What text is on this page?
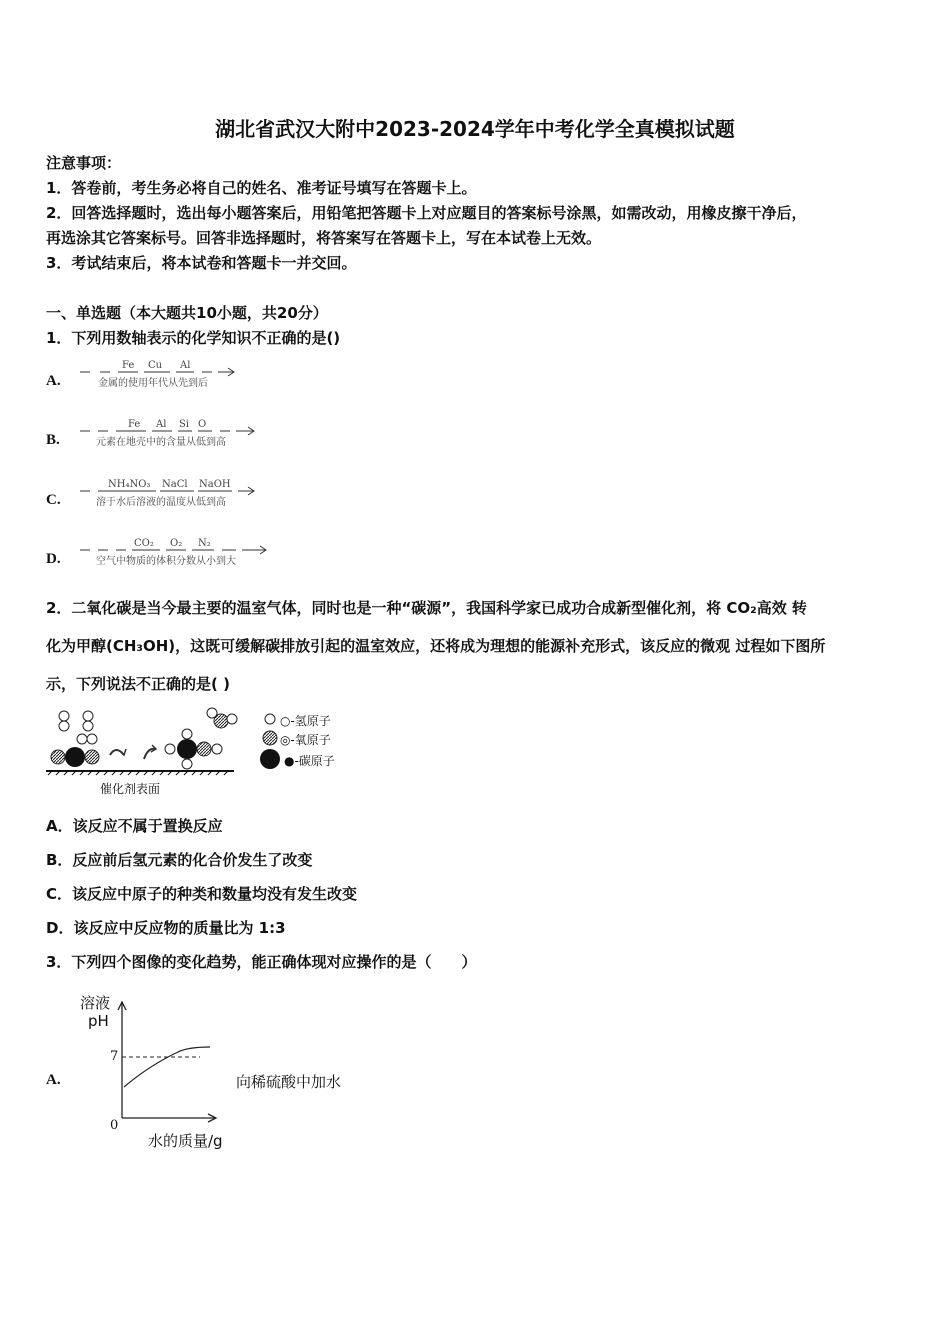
湖北省武汉大附中2023-2024学年中考化学全真模拟试题
注意事项：
1．答卷前，考生务必将自己的姓名、准考证号填写在答题卡上。
2．回答选择题时，选出每小题答案后，用铅笔把答题卡上对应题目的答案标号涂黑，如需改动，用橡皮擦干净后，
再选涂其它答案标号。回答非选择题时，将答案写在答题卡上，写在本试卷上无效。
3．考试结束后，将本试卷和答题卡一并交回。
一、单选题（本大题共10小题，共20分）
1．下列用数轴表示的化学知识不正确的是()
A.
Fe Cu Al
金属的使用年代从先到后
B.
Fe Al Si O
元素在地壳中的含量从低到高
C.
NH₄NO₃ NaCl NaOH
溶于水后溶液的温度从低到高
D.
CO₂ O₂ N₂
空气中物质的体积分数从小到大
2．二氧化碳是当今最主要的温室气体，同时也是一种“碳源”，我国科学家已成功合成新型催化剂，将 CO₂高效 转
化为甲醇(CH₃OH)，这既可缓解碳排放引起的温室效应，还将成为理想的能源补充形式，该反应的微观 过程如下图所
示，下列说法不正确的是( )
○-氢原子
◎-氧原子
●-碳原子
催化剂表面
A．该反应不属于置换反应
B．反应前后氢元素的化合价发生了改变
C．该反应中原子的种类和数量均没有发生改变
D．该反应中反应物的质量比为 1:3
3．下列四个图像的变化趋势，能正确体现对应操作的是（　　）
A.
溶液
pH
7
0
水的质量/g
向稀硫酸中加水
